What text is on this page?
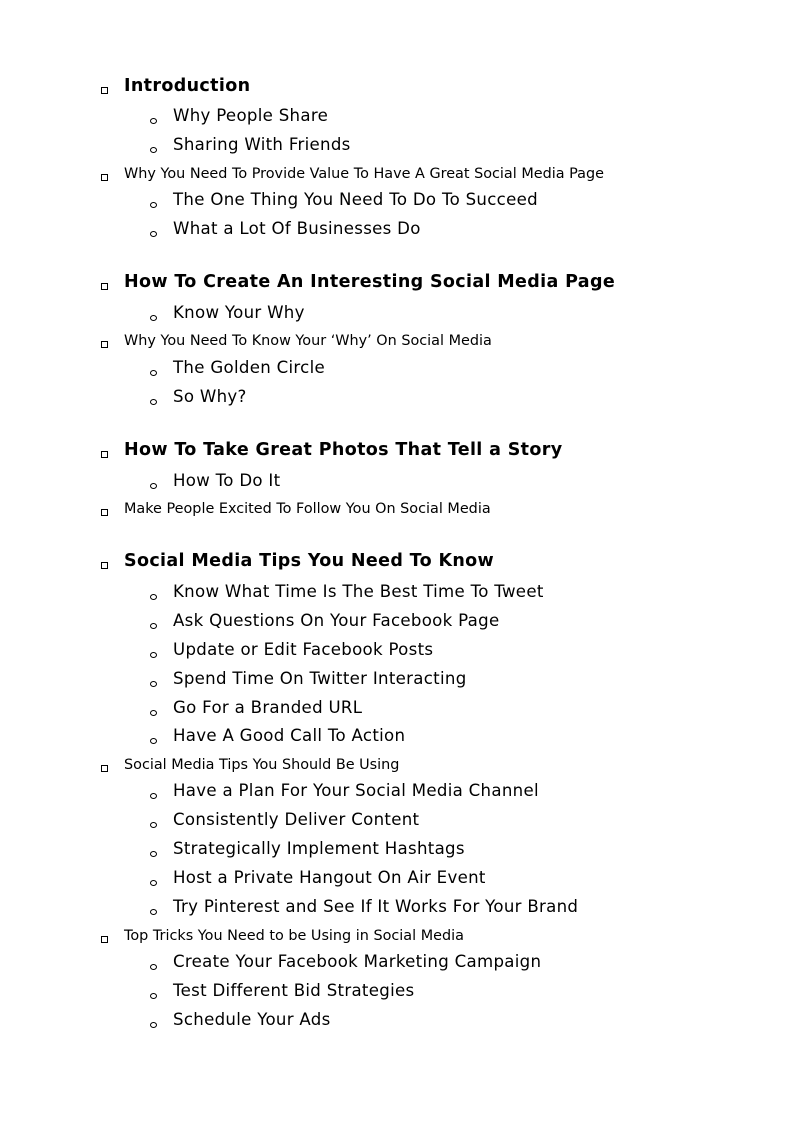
Introduction
Why People Share
Sharing With Friends
Why You Need To Provide Value To Have A Great Social Media Page
The One Thing You Need To Do To Succeed
What a Lot Of Businesses Do
How To Create An Interesting Social Media Page
Know Your Why
Why You Need To Know Your ‘Why’ On Social Media
The Golden Circle
So Why?
How To Take Great Photos That Tell a Story
How To Do It
Make People Excited To Follow You On Social Media
Social Media Tips You Need To Know
Know What Time Is The Best Time To Tweet
Ask Questions On Your Facebook Page
Update or Edit Facebook Posts
Spend Time On Twitter Interacting
Go For a Branded URL
Have A Good Call To Action
Social Media Tips You Should Be Using
Have a Plan For Your Social Media Channel
Consistently Deliver Content
Strategically Implement Hashtags
Host a Private Hangout On Air Event
Try Pinterest and See If It Works For Your Brand
Top Tricks You Need to be Using in Social Media
Create Your Facebook Marketing Campaign
Test Different Bid Strategies
Schedule Your Ads
